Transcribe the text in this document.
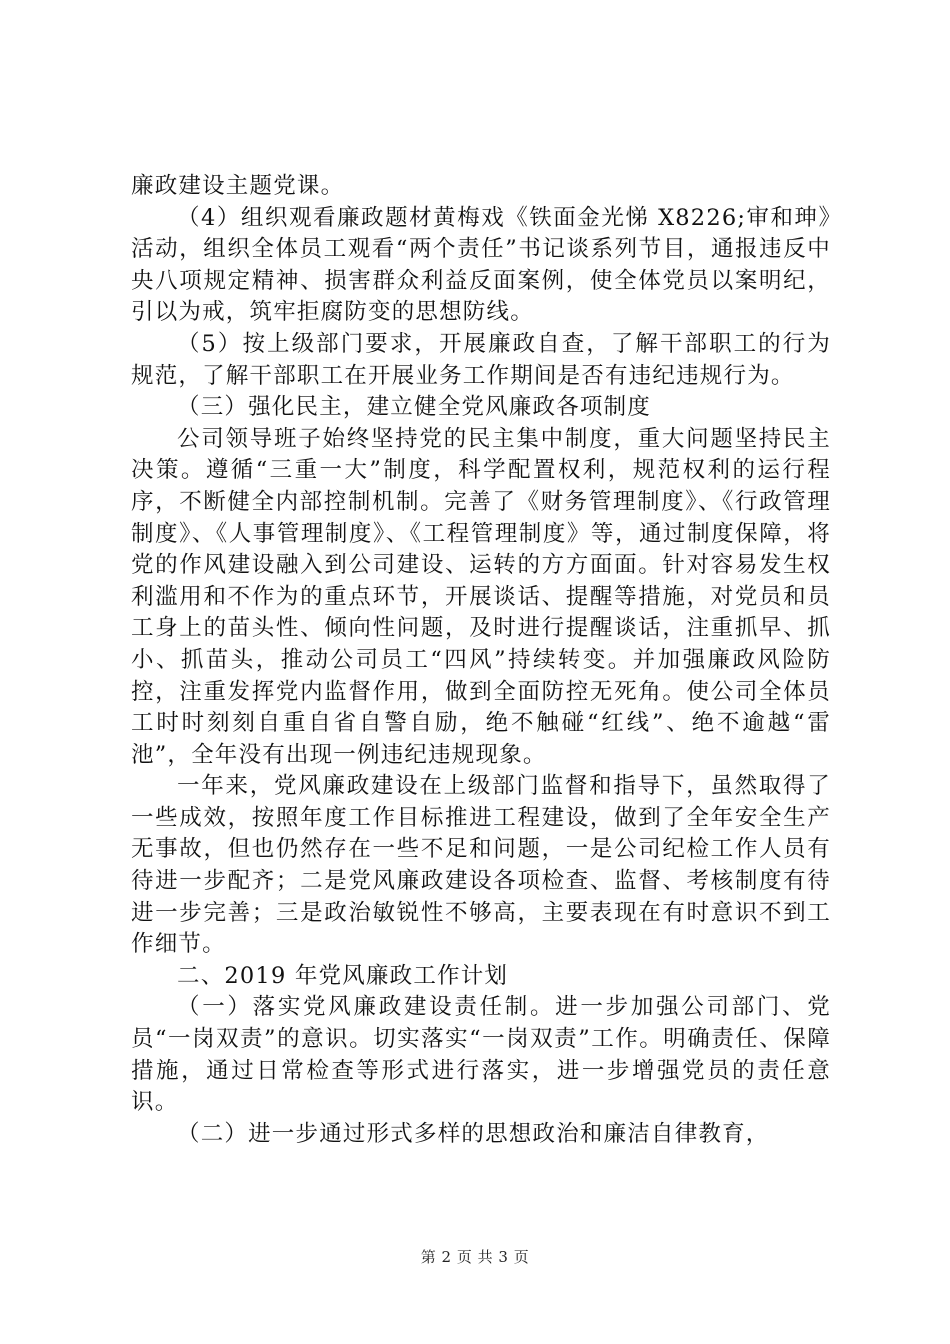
廉政建设主题党课。

（4）组织观看廉政题材黄梅戏《铁面金光悌 X8226;审和珅》活动，组织全体员工观看“两个责任”书记谈系列节目，通报违反中央八项规定精神、损害群众利益反面案例，使全体党员以案明纪，引以为戒，筑牢拒腐防变的思想防线。

（5）按上级部门要求，开展廉政自查，了解干部职工的行为规范，了解干部职工在开展业务工作期间是否有违纪违规行为。

（三）强化民主，建立健全党风廉政各项制度

公司领导班子始终坚持党的民主集中制度，重大问题坚持民主决策。遵循“三重一大”制度，科学配置权利，规范权利的运行程序，不断健全内部控制机制。完善了《财务管理制度》、《行政管理制度》、《人事管理制度》、《工程管理制度》等，通过制度保障，将党的作风建设融入到公司建设、运转的方方面面。针对容易发生权利滥用和不作为的重点环节，开展谈话、提醒等措施，对党员和员工身上的苗头性、倾向性问题，及时进行提醒谈话，注重抓早、抓小、抓苗头，推动公司员工“四风”持续转变。并加强廉政风险防控，注重发挥党内监督作用，做到全面防控无死角。使公司全体员工时时刻刻自重自省自警自励，绝不触碰“红线”、绝不逾越“雷池”，全年没有出现一例违纪违规现象。

一年来，党风廉政建设在上级部门监督和指导下，虽然取得了一些成效，按照年度工作目标推进工程建设，做到了全年安全生产无事故，但也仍然存在一些不足和问题，一是公司纪检工作人员有待进一步配齐；二是党风廉政建设各项检查、监督、考核制度有待进一步完善；三是政治敏锐性不够高，主要表现在有时意识不到工作细节。

二、2019 年党风廉政工作计划

（一）落实党风廉政建设责任制。进一步加强公司部门、党员“一岗双责”的意识。切实落实“一岗双责”工作。明确责任、保障措施，通过日常检查等形式进行落实，进一步增强党员的责任意识。

（二）进一步通过形式多样的思想政治和廉洁自律教育，

第 2 页 共 3 页
